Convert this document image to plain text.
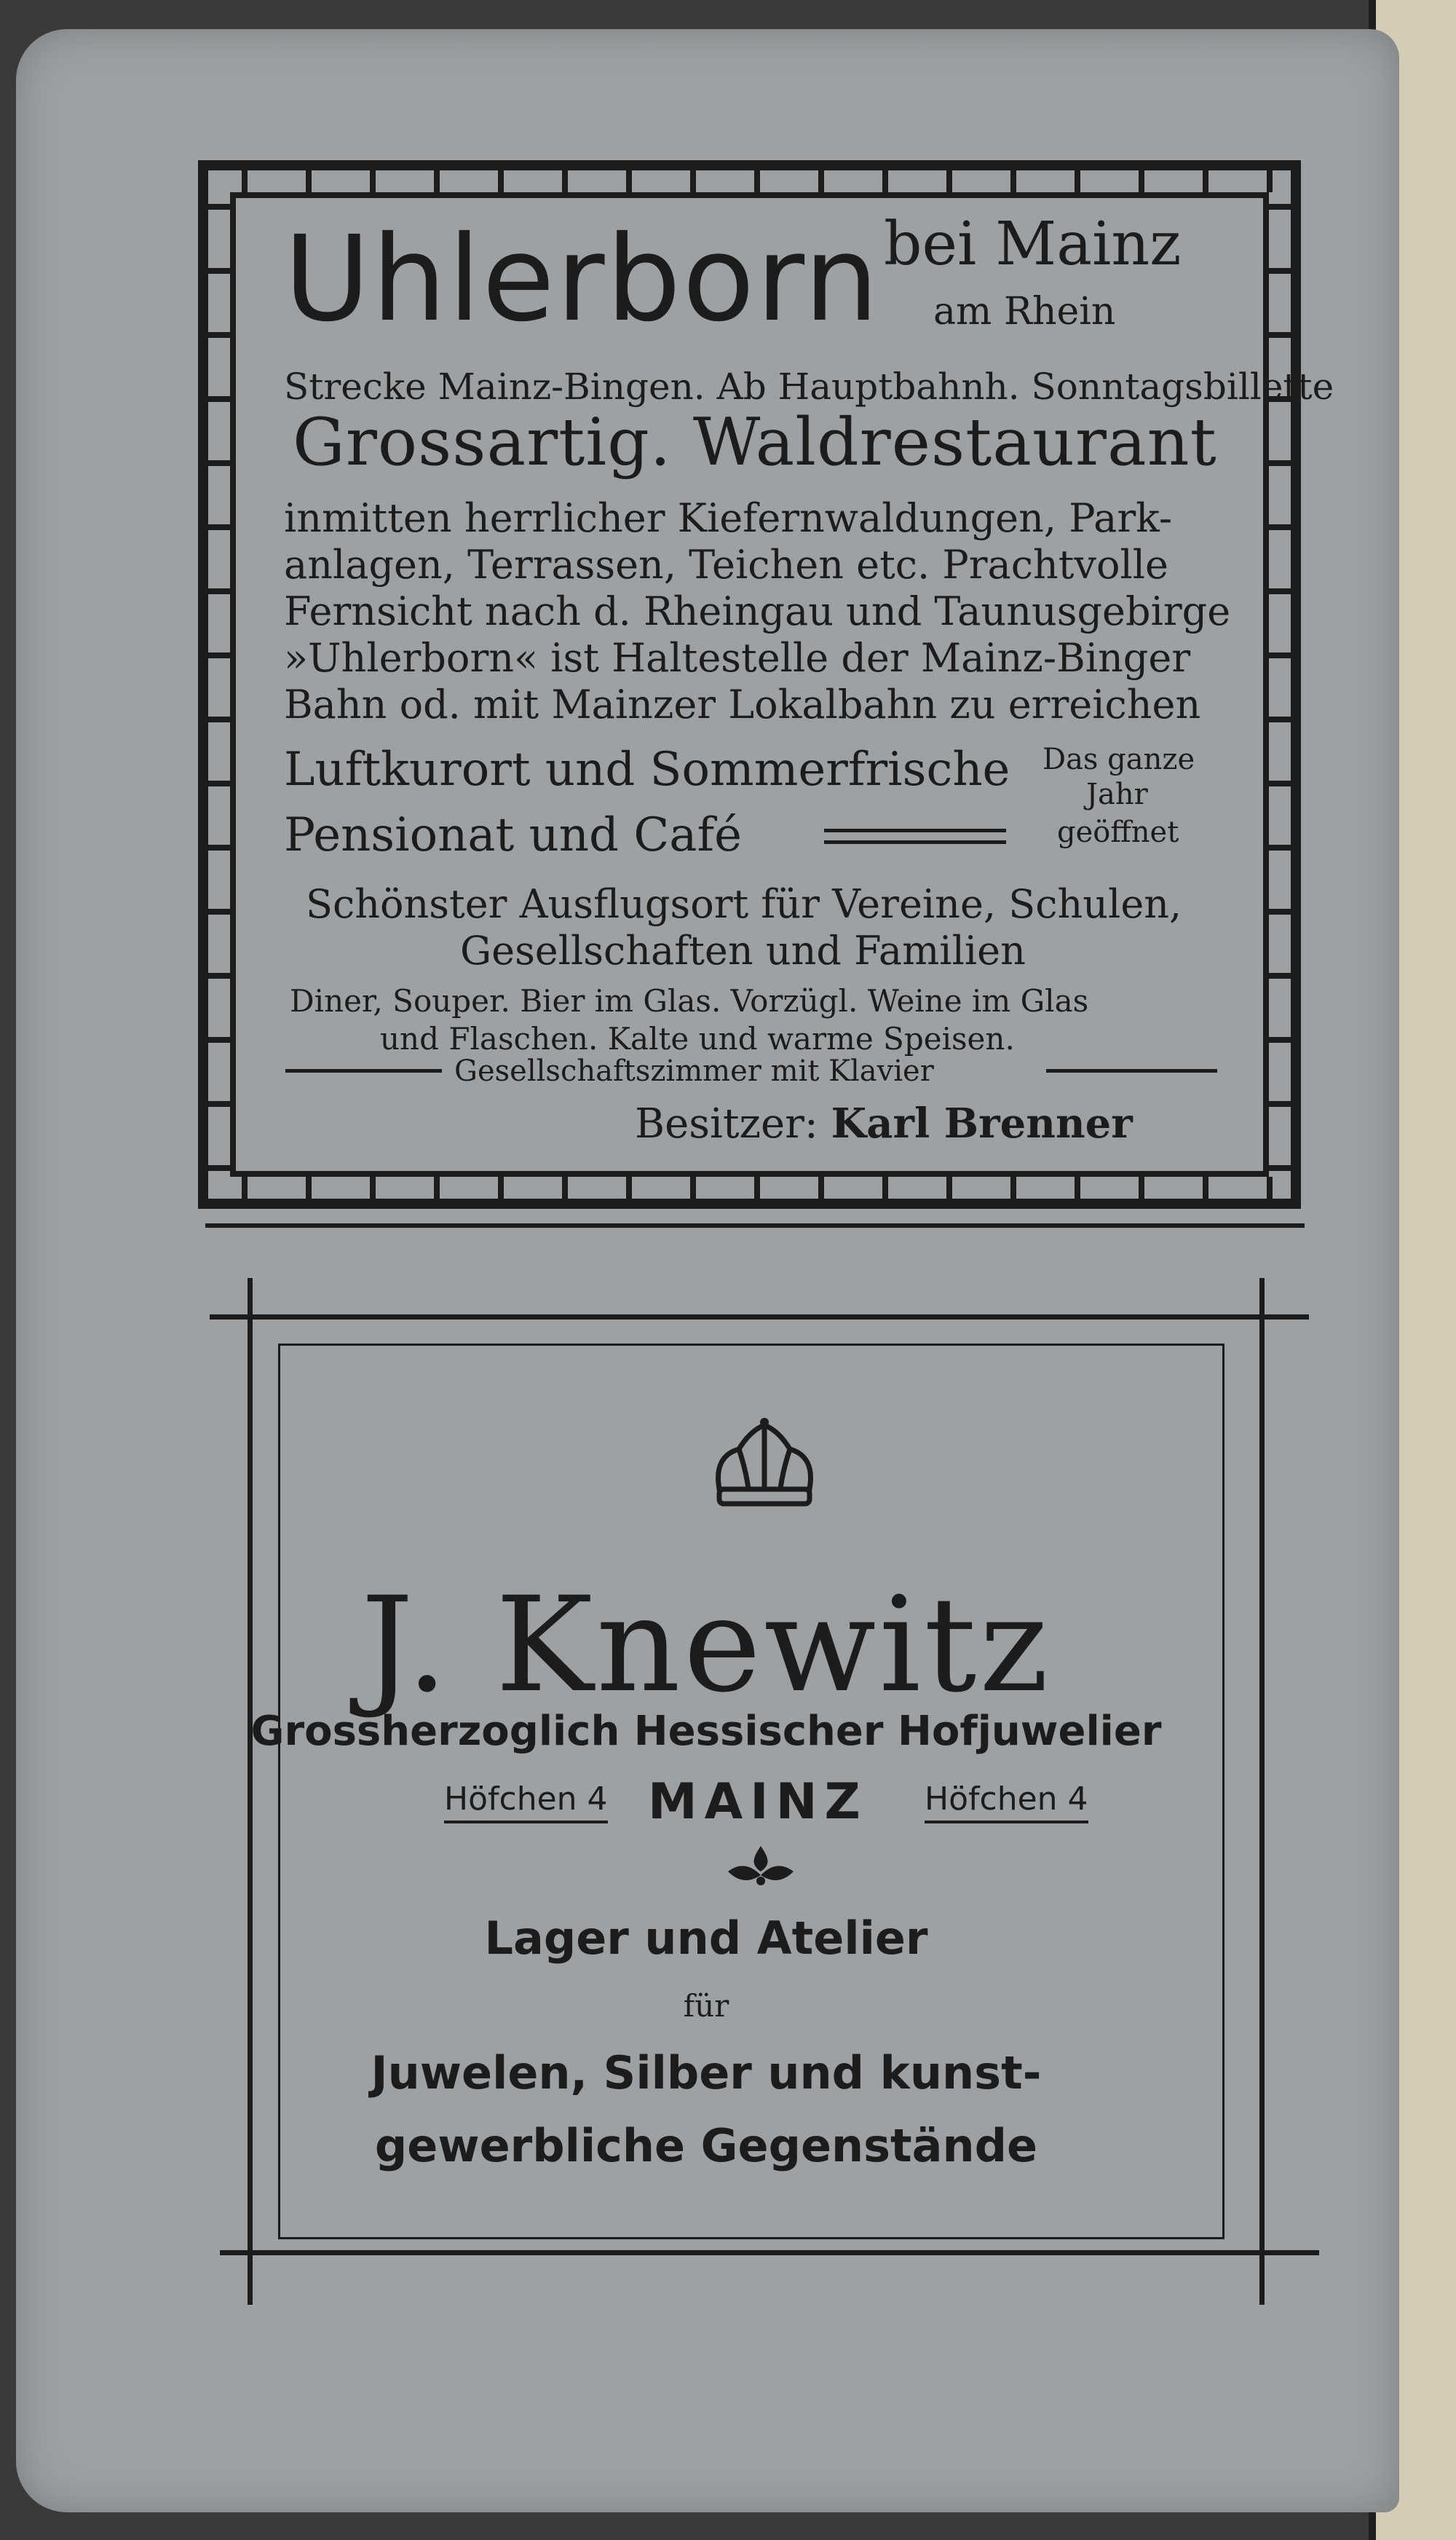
Uhlerborn bei Mainz
am Rhein
Strecke Mainz-Bingen. Ab Hauptbahnh. Sonntagsbillette
Grossartig. Waldrestaurant
inmitten herrlicher Kiefernwaldungen, Park-
anlagen, Terrassen, Teichen etc. Prachtvolle
Fernsicht nach d. Rheingau und Taunusgebirge
»Uhlerborn« ist Haltestelle der Mainz-Binger
Bahn od. mit Mainzer Lokalbahn zu erreichen
Luftkurort und Sommerfrische
Pensionat und Café
Das ganze
Jahr
geöffnet
Schönster Ausflugsort für Vereine, Schulen,
Gesellschaften und Familien
Diner, Souper. Bier im Glas. Vorzügl. Weine im Glas
und Flaschen. Kalte und warme Speisen.
Gesellschaftszimmer mit Klavier
Besitzer: Karl Brenner
J. Knewitz
Grossherzoglich Hessischer Hofjuwelier
Höfchen 4 MAINZ Höfchen 4
Lager und Atelier
für
Juwelen, Silber und kunst-
gewerbliche Gegenstände
